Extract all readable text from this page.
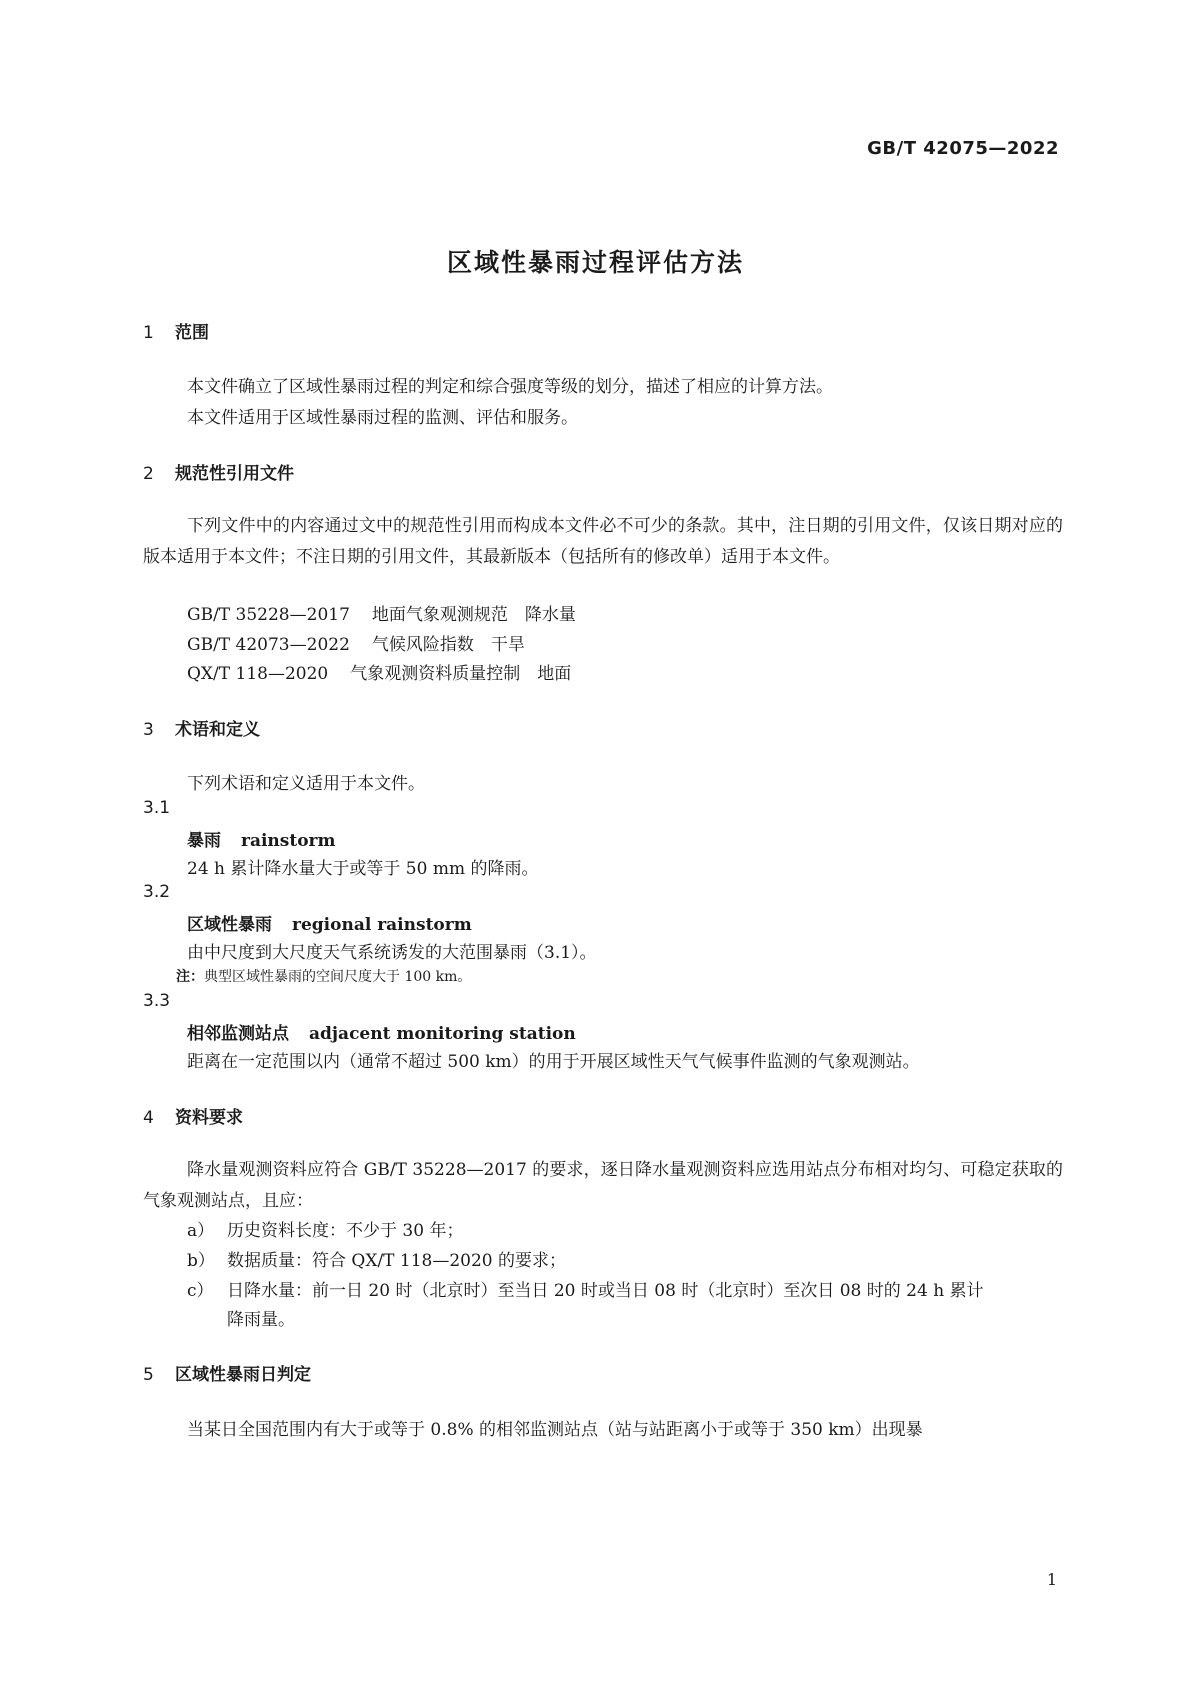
GB/T 42075—2022
区域性暴雨过程评估方法
1 范围
本文件确立了区域性暴雨过程的判定和综合强度等级的划分，描述了相应的计算方法。
本文件适用于区域性暴雨过程的监测、评估和服务。
2 规范性引用文件
下列文件中的内容通过文中的规范性引用而构成本文件必不可少的条款。其中，注日期的引用文件，仅该日期对应的版本适用于本文件；不注日期的引用文件，其最新版本（包括所有的修改单）适用于本文件。
GB/T 35228—2017 地面气象观测规范　降水量
GB/T 42073—2022 气候风险指数　干旱
QX/T 118—2020 气象观测资料质量控制　地面
3 术语和定义
下列术语和定义适用于本文件。
3.1
暴雨 rainstorm
24 h 累计降水量大于或等于 50 mm 的降雨。
3.2
区域性暴雨 regional rainstorm
由中尺度到大尺度天气系统诱发的大范围暴雨（3.1）。
注：典型区域性暴雨的空间尺度大于 100 km。
3.3
相邻监测站点 adjacent monitoring station
距离在一定范围以内（通常不超过 500 km）的用于开展区域性天气气候事件监测的气象观测站。
4 资料要求
降水量观测资料应符合 GB/T 35228—2017 的要求，逐日降水量观测资料应选用站点分布相对均匀、可稳定获取的气象观测站点，且应：
a） 历史资料长度：不少于 30 年；
b） 数据质量：符合 QX/T 118—2020 的要求；
c） 日降水量：前一日 20 时（北京时）至当日 20 时或当日 08 时（北京时）至次日 08 时的 24 h 累计
降雨量。
5 区域性暴雨日判定
当某日全国范围内有大于或等于 0.8% 的相邻监测站点（站与站距离小于或等于 350 km）出现暴
1
